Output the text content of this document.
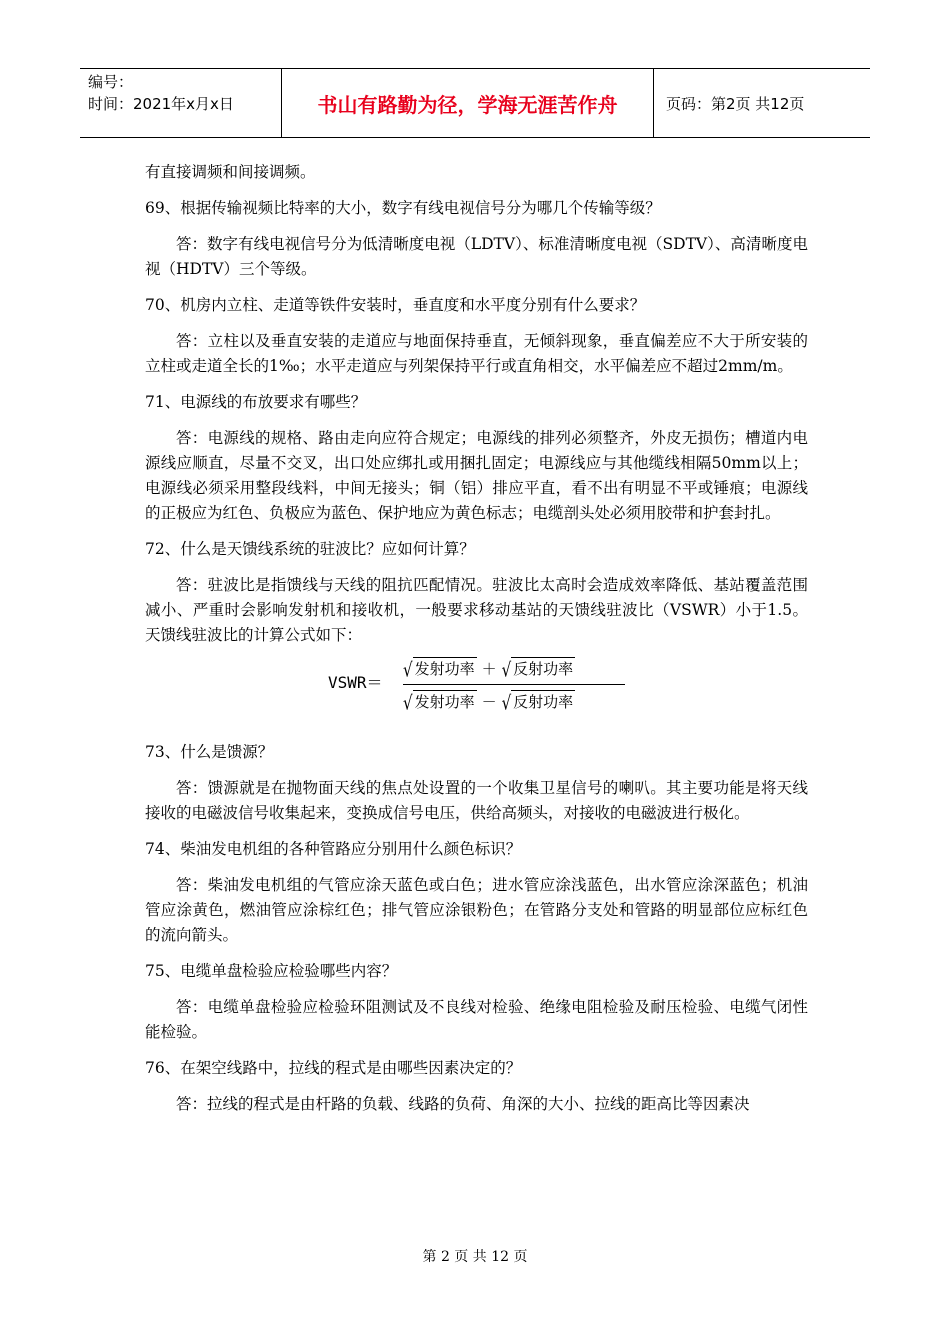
编号：
时间：2021年x月x日	书山有路勤为径，学海无涯苦作舟	页码：第2页 共12页

有直接调频和间接调频。

69、根据传输视频比特率的大小，数字有线电视信号分为哪几个传输等级？

答：数字有线电视信号分为低清晰度电视（LDTV）、标准清晰度电视（SDTV）、高清晰度电视（HDTV）三个等级。

70、机房内立柱、走道等铁件安装时，垂直度和水平度分别有什么要求？

答：立柱以及垂直安装的走道应与地面保持垂直，无倾斜现象，垂直偏差应不大于所安装的立柱或走道全长的1‰；水平走道应与列架保持平行或直角相交，水平偏差应不超过2mm/m。

71、电源线的布放要求有哪些？

答：电源线的规格、路由走向应符合规定；电源线的排列必须整齐，外皮无损伤；槽道内电源线应顺直，尽量不交叉，出口处应绑扎或用捆扎固定；电源线应与其他缆线相隔50mm以上；电源线必须采用整段线料，中间无接头；铜（铝）排应平直，看不出有明显不平或锤痕；电源线的正极应为红色、负极应为蓝色、保护地应为黄色标志；电缆剖头处必须用胶带和护套封扎。

72、什么是天馈线系统的驻波比？应如何计算？

答：驻波比是指馈线与天线的阻抗匹配情况。驻波比太高时会造成效率降低、基站覆盖范围减小、严重时会影响发射机和接收机，一般要求移动基站的天馈线驻波比（VSWR）小于1.5。天馈线驻波比的计算公式如下：

VSWR＝
√ 发射功率 ＋ √ 反射功率
√ 发射功率 － √ 反射功率

73、什么是馈源？

答：馈源就是在抛物面天线的焦点处设置的一个收集卫星信号的喇叭。其主要功能是将天线接收的电磁波信号收集起来，变换成信号电压，供给高频头，对接收的电磁波进行极化。

74、柴油发电机组的各种管路应分别用什么颜色标识？

答：柴油发电机组的气管应涂天蓝色或白色；进水管应涂浅蓝色，出水管应涂深蓝色；机油管应涂黄色，燃油管应涂棕红色；排气管应涂银粉色；在管路分支处和管路的明显部位应标红色的流向箭头。

75、电缆单盘检验应检验哪些内容？

答：电缆单盘检验应检验环阻测试及不良线对检验、绝缘电阻检验及耐压检验、电缆气闭性能检验。

76、在架空线路中，拉线的程式是由哪些因素决定的？

答：拉线的程式是由杆路的负载、线路的负荷、角深的大小、拉线的距高比等因素决

第 2 页 共 12 页
